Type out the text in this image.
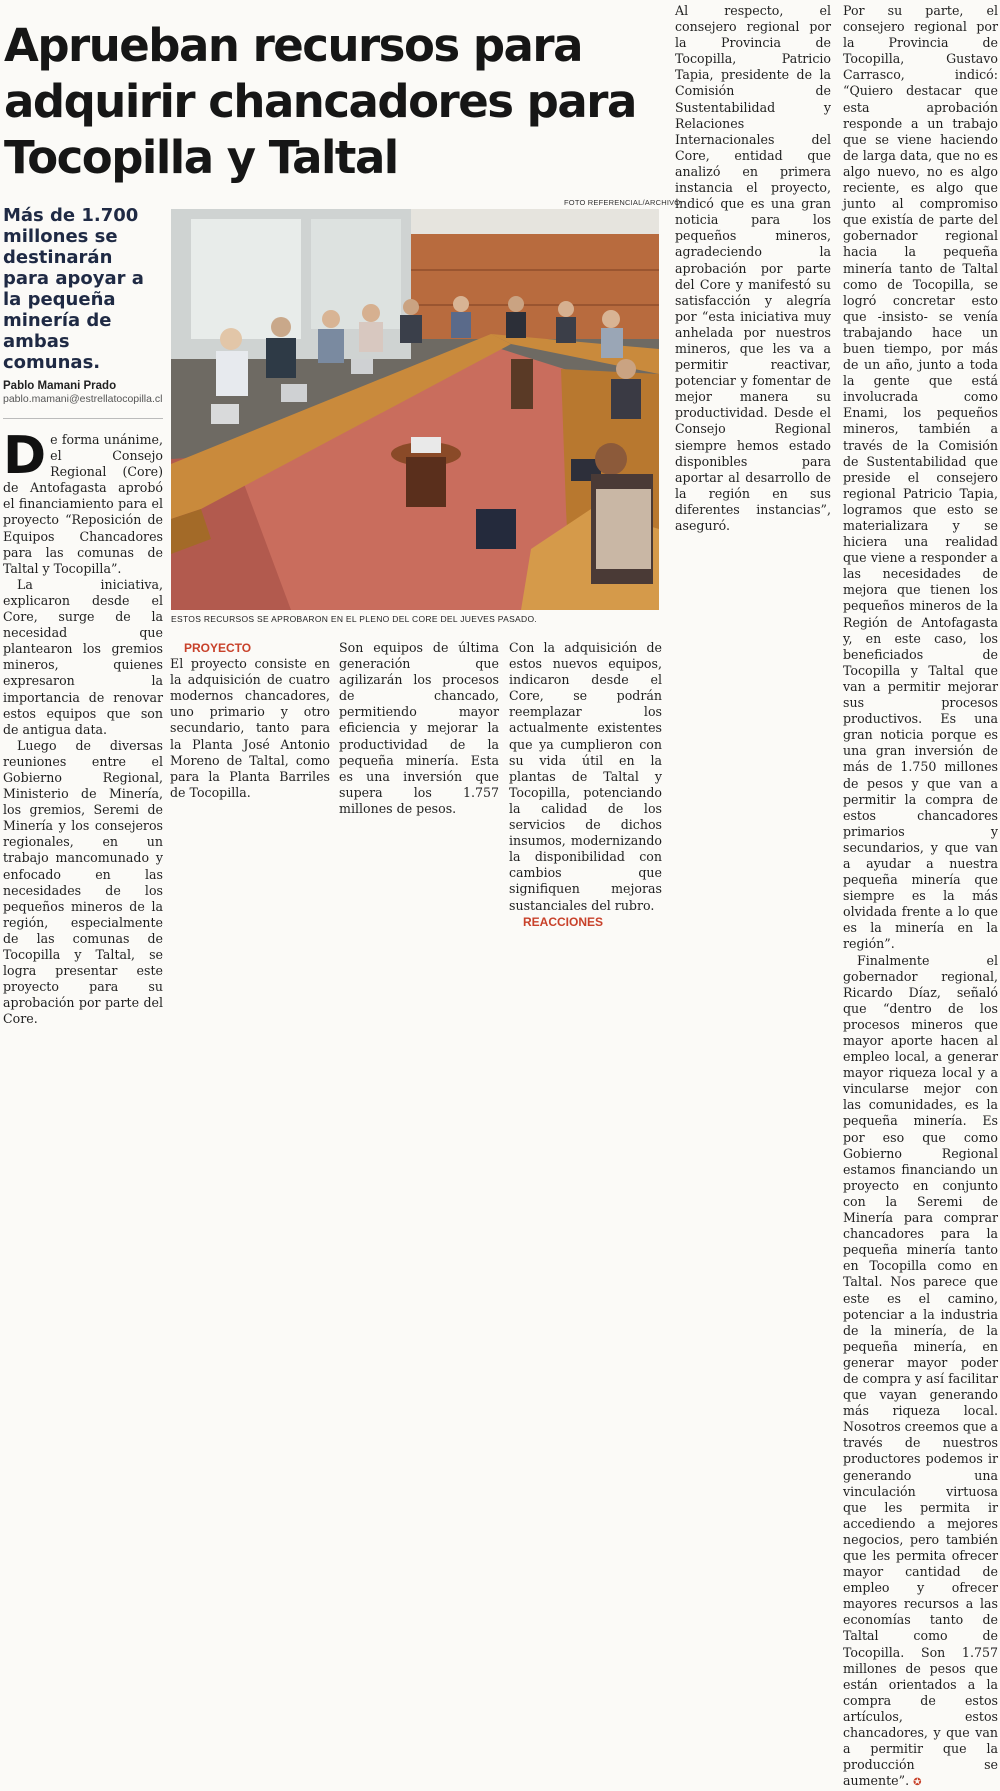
Aprueban recursos para adquirir chancadores para Tocopilla y Taltal
Más de 1.700 millones se destinarán para apoyar a la pequeña minería de ambas comunas.
Pablo Mamani Prado
pablo.mamani@estrellatocopilla.cl
FOTO REFERENCIAL/ARCHIVO
ESTOS RECURSOS SE APROBARON EN EL PLENO DEL CORE DEL JUEVES PASADO.

De forma unánime, el Consejo Regional (Core) de Antofagasta aprobó el financiamiento para el proyecto “Reposición de Equipos Chancadores para las comunas de Taltal y Tocopilla”.

La iniciativa, explicaron desde el Core, surge de la necesidad que plantearon los gremios mineros, quienes expresaron la importancia de renovar estos equipos que son de antigua data.

Luego de diversas reuniones entre el Gobierno Regional, Ministerio de Minería, los gremios, Seremi de Minería y los consejeros regionales, en un trabajo mancomunado y enfocado en las necesidades de los pequeños mineros de la región, especialmente de las comunas de Tocopilla y Taltal, se logra presentar este proyecto para su aprobación por parte del Core.

PROYECTO

El proyecto consiste en la adquisición de cuatro modernos chancadores, uno primario y otro secundario, tanto para la Planta José Antonio Moreno de Taltal, como para la Planta Barriles de Tocopilla.

Son equipos de última generación que agilizarán los procesos de chancado, permitiendo mayor eficiencia y mejorar la productividad de la pequeña minería. Esta es una inversión que supera los 1.757 millones de pesos.

Con la adquisición de estos nuevos equipos, indicaron desde el Core, se podrán reemplazar los actualmente existentes que ya cumplieron con su vida útil en la plantas de Taltal y Tocopilla, potenciando la calidad de los servicios de dichos insumos, modernizando la disponibilidad con cambios que signifiquen mejoras sustanciales del rubro.

REACCIONES

Al respecto, el consejero regional por la Provincia de Tocopilla, Patricio Tapia, presidente de la Comisión de Sustentabilidad y Relaciones Internacionales del Core, entidad que analizó en primera instancia el proyecto, indicó que es una gran noticia para los pequeños mineros, agradeciendo la aprobación por parte del Core y manifestó su satisfacción y alegría por “esta iniciativa muy anhelada por nuestros mineros, que les va a permitir reactivar, potenciar y fomentar de mejor manera su productividad. Desde el Consejo Regional siempre hemos estado disponibles para aportar al desarrollo de la región en sus diferentes instancias”, aseguró.

Por su parte, el consejero regional por la Provincia de Tocopilla, Gustavo Carrasco, indicó: “Quiero destacar que esta aprobación responde a un trabajo que se viene haciendo de larga data, que no es algo nuevo, no es algo reciente, es algo que junto al compromiso que existía de parte del gobernador regional hacia la pequeña minería tanto de Taltal como de Tocopilla, se logró concretar esto que -insisto- se venía trabajando hace un buen tiempo, por más de un año, junto a toda la gente que está involucrada como Enami, los pequeños mineros, también a través de la Comisión de Sustentabilidad que preside el consejero regional Patricio Tapia, logramos que esto se materializara y se hiciera una realidad que viene a responder a las necesidades de mejora que tienen los pequeños mineros de la Región de Antofagasta y, en este caso, los beneficiados de Tocopilla y Taltal que van a permitir mejorar sus procesos productivos. Es una gran noticia porque es una gran inversión de más de 1.750 millones de pesos y que van a permitir la compra de estos chancadores primarios y secundarios, y que van a ayudar a nuestra pequeña minería que siempre es la más olvidada frente a lo que es la minería en la región”.

Finalmente el gobernador regional, Ricardo Díaz, señaló que “dentro de los procesos mineros que mayor aporte hacen al empleo local, a generar mayor riqueza local y a vincularse mejor con las comunidades, es la pequeña minería. Es por eso que como Gobierno Regional estamos financiando un proyecto en conjunto con la Seremi de Minería para comprar chancadores para la pequeña minería tanto en Tocopilla como en Taltal. Nos parece que este es el camino, potenciar a la industria de la minería, de la pequeña minería, en generar mayor poder de compra y así facilitar que vayan generando más riqueza local. Nosotros creemos que a través de nuestros productores podemos ir generando una vinculación virtuosa que les permita ir accediendo a mejores negocios, pero también que les permita ofrecer mayor cantidad de empleo y ofrecer mayores recursos a las economías tanto de Taltal como de Tocopilla. Son 1.757 millones de pesos que están orientados a la compra de estos artículos, estos chancadores, y que van a permitir que la producción se aumente”. ✪
